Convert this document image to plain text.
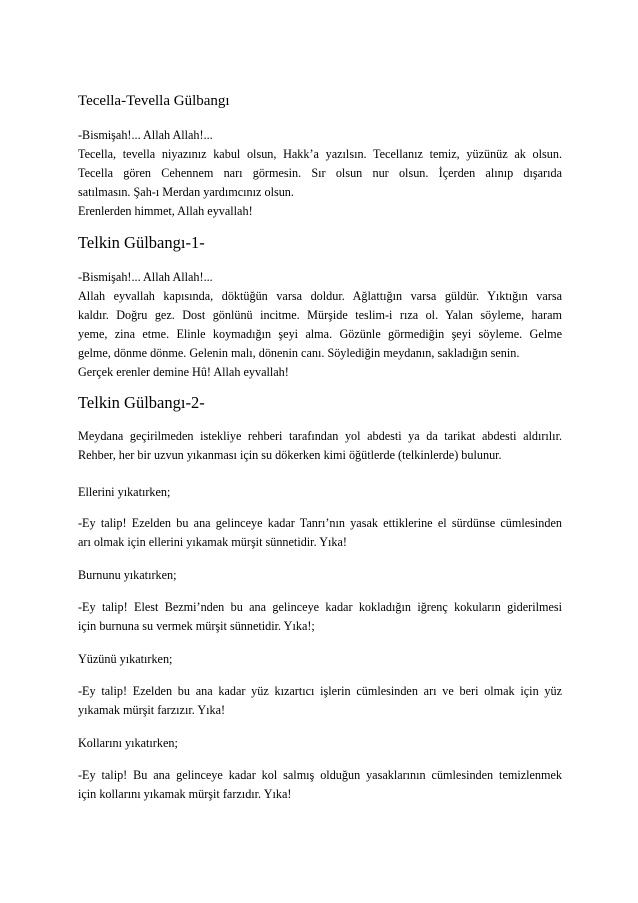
Tecella-Tevella Gülbangı
-Bismişah!... Allah Allah!...
Tecella, tevella niyazınız kabul olsun, Hakk’a yazılsın. Tecellanız temiz, yüzünüz ak olsun.
Tecella gören Cehennem narı görmesin. Sır olsun nur olsun. İçerden alınıp dışarıda
satılmasın. Şah-ı Merdan yardımcınız olsun.
Erenlerden himmet, Allah eyvallah!
Telkin Gülbangı-1-
-Bismişah!... Allah Allah!...
Allah eyvallah kapısında, döktüğün varsa doldur. Ağlattığın varsa güldür. Yıktığın varsa
kaldır. Doğru gez. Dost gönlünü incitme. Mürşide teslim-i rıza ol. Yalan söyleme, haram
yeme, zina etme. Elinle koymadığın şeyi alma. Gözünle görmediğin şeyi söyleme. Gelme
gelme, dönme dönme. Gelenin malı, dönenin canı. Söylediğin meydanın, sakladığın senin.
Gerçek erenler demine Hû! Allah eyvallah!
Telkin Gülbangı-2-
Meydana geçirilmeden istekliye rehberi tarafından yol abdesti ya da tarikat abdesti aldırılır.
Rehber, her bir uzvun yıkanması için su dökerken kimi öğütlerde (telkinlerde) bulunur.
Ellerini yıkatırken;
-Ey talip! Ezelden bu ana gelinceye kadar Tanrı’nın yasak ettiklerine el sürdünse cümlesinden
arı olmak için ellerini yıkamak mürşit sünnetidir. Yıka!
Burnunu yıkatırken;
-Ey talip! Elest Bezmi’nden bu ana gelinceye kadar kokladığın iğrenç kokuların giderilmesi
için burnuna su vermek mürşit sünnetidir. Yıka!;
Yüzünü yıkatırken;
-Ey talip! Ezelden bu ana kadar yüz kızartıcı işlerin cümlesinden arı ve beri olmak için yüz
yıkamak mürşit farzızır. Yıka!
Kollarını yıkatırken;
-Ey talip! Bu ana gelinceye kadar kol salmış olduğun yasaklarının cümlesinden temizlenmek
için kollarını yıkamak mürşit farzıdır. Yıka!
